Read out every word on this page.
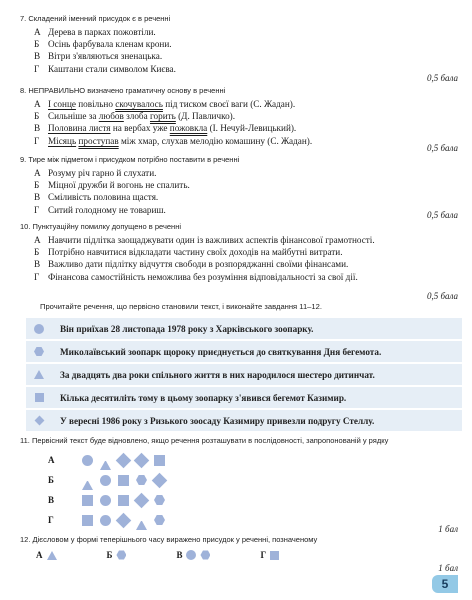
7. Складений іменний присудок є в реченні
А Дерева в парках пожовтіли.
Б Осінь фарбувала кленам крони.
В Вітри з'являються зненацька.
Г Каштани стали символом Києва.
0,5 бала
8. НЕПРАВИЛЬНО визначено граматичну основу в реченні
А І сонце повільно скочувалось під тиском своєї ваги (С. Жадан).
Б Сильніше за любов злоба горить (Д. Павличко).
В Половина листя на вербах уже пожовкла (І. Нечуй-Левицький).
Г Місяць проступав між хмар, слухав мелодію комашину (С. Жадан).
0,5 бала
9. Тире між підметом і присудком потрібно поставити в реченні
А Розуму річ гарно й слухати.
Б Міцної дружби й вогонь не спалить.
В Сміливість половина щастя.
Г Ситий голодному не товариш.
0,5 бала
10. Пунктуаційну помилку допущено в реченні
А Навчити підлітка заощаджувати один із важливих аспектів фінансової грамотності.
Б Потрібно навчитися відкладати частину своїх доходів на майбутні витрати.
В Важливо дати підлітку відчуття свободи в розпоряджанні своїми фінансами.
Г Фінансова самостійність неможлива без розуміння відповідальності за свої дії.
0,5 бала
Прочитайте речення, що первісно становили текст, і виконайте завдання 11–12.
Він приїхав 28 листопада 1978 року з Харківського зоопарку.
Миколаївський зоопарк щороку приєднується до святкування Дня бегемота.
За двадцять два роки спільного життя в них народилося шестеро дитинчат.
Кілька десятиліть тому в цьому зоопарку з'явився бегемот Казимир.
У вересні 1986 року з Ризького зоосаду Казимиру привезли подругу Стеллу.
11. Первісний текст буде відновлено, якщо речення розташувати в послідовності, запропонованій у рядку
А
Б
В
Г
1 бал
12. Дієсловом у формі теперішнього часу виражено присудок у реченні, позначеному
А	Б	В	Г
1 бал
5
